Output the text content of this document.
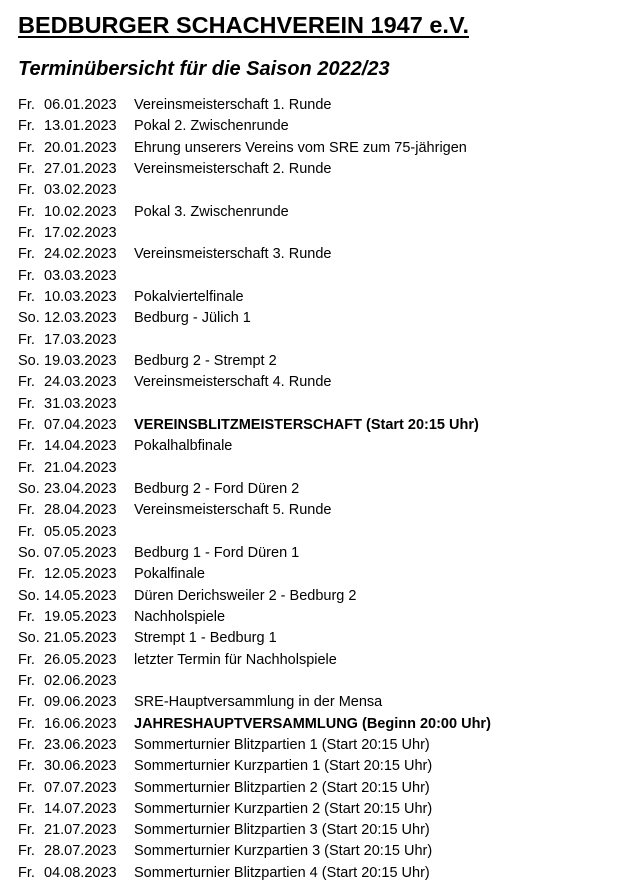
BEDBURGER SCHACHVEREIN 1947 e.V.
Terminübersicht für die Saison 2022/23
Fr. 06.01.2023 Vereinsmeisterschaft 1. Runde
Fr. 13.01.2023 Pokal 2. Zwischenrunde
Fr. 20.01.2023 Ehrung unserers Vereins vom SRE zum 75-jährigen
Fr. 27.01.2023 Vereinsmeisterschaft 2. Runde
Fr. 03.02.2023
Fr. 10.02.2023 Pokal 3. Zwischenrunde
Fr. 17.02.2023
Fr. 24.02.2023 Vereinsmeisterschaft 3. Runde
Fr. 03.03.2023
Fr. 10.03.2023 Pokalviertelfinale
So. 12.03.2023 Bedburg - Jülich 1
Fr. 17.03.2023
So. 19.03.2023 Bedburg 2 - Strempt 2
Fr. 24.03.2023 Vereinsmeisterschaft 4. Runde
Fr. 31.03.2023
Fr. 07.04.2023 VEREINSBLITZMEISTERSCHAFT (Start 20:15 Uhr)
Fr. 14.04.2023 Pokalhalbfinale
Fr. 21.04.2023
So. 23.04.2023 Bedburg 2 - Ford Düren 2
Fr. 28.04.2023 Vereinsmeisterschaft 5. Runde
Fr. 05.05.2023
So. 07.05.2023 Bedburg 1 - Ford Düren 1
Fr. 12.05.2023 Pokalfinale
So. 14.05.2023 Düren Derichsweiler 2 - Bedburg 2
Fr. 19.05.2023 Nachholspiele
So. 21.05.2023 Strempt 1 - Bedburg 1
Fr. 26.05.2023 letzter Termin für Nachholspiele
Fr. 02.06.2023
Fr. 09.06.2023 SRE-Hauptversammlung in der Mensa
Fr. 16.06.2023 JAHRESHAUPTVERSAMMLUNG (Beginn 20:00 Uhr)
Fr. 23.06.2023 Sommerturnier Blitzpartien 1 (Start 20:15 Uhr)
Fr. 30.06.2023 Sommerturnier Kurzpartien 1 (Start 20:15 Uhr)
Fr. 07.07.2023 Sommerturnier Blitzpartien 2 (Start 20:15 Uhr)
Fr. 14.07.2023 Sommerturnier Kurzpartien 2 (Start 20:15 Uhr)
Fr. 21.07.2023 Sommerturnier Blitzpartien 3 (Start 20:15 Uhr)
Fr. 28.07.2023 Sommerturnier Kurzpartien 3 (Start 20:15 Uhr)
Fr. 04.08.2023 Sommerturnier Blitzpartien 4 (Start 20:15 Uhr)
